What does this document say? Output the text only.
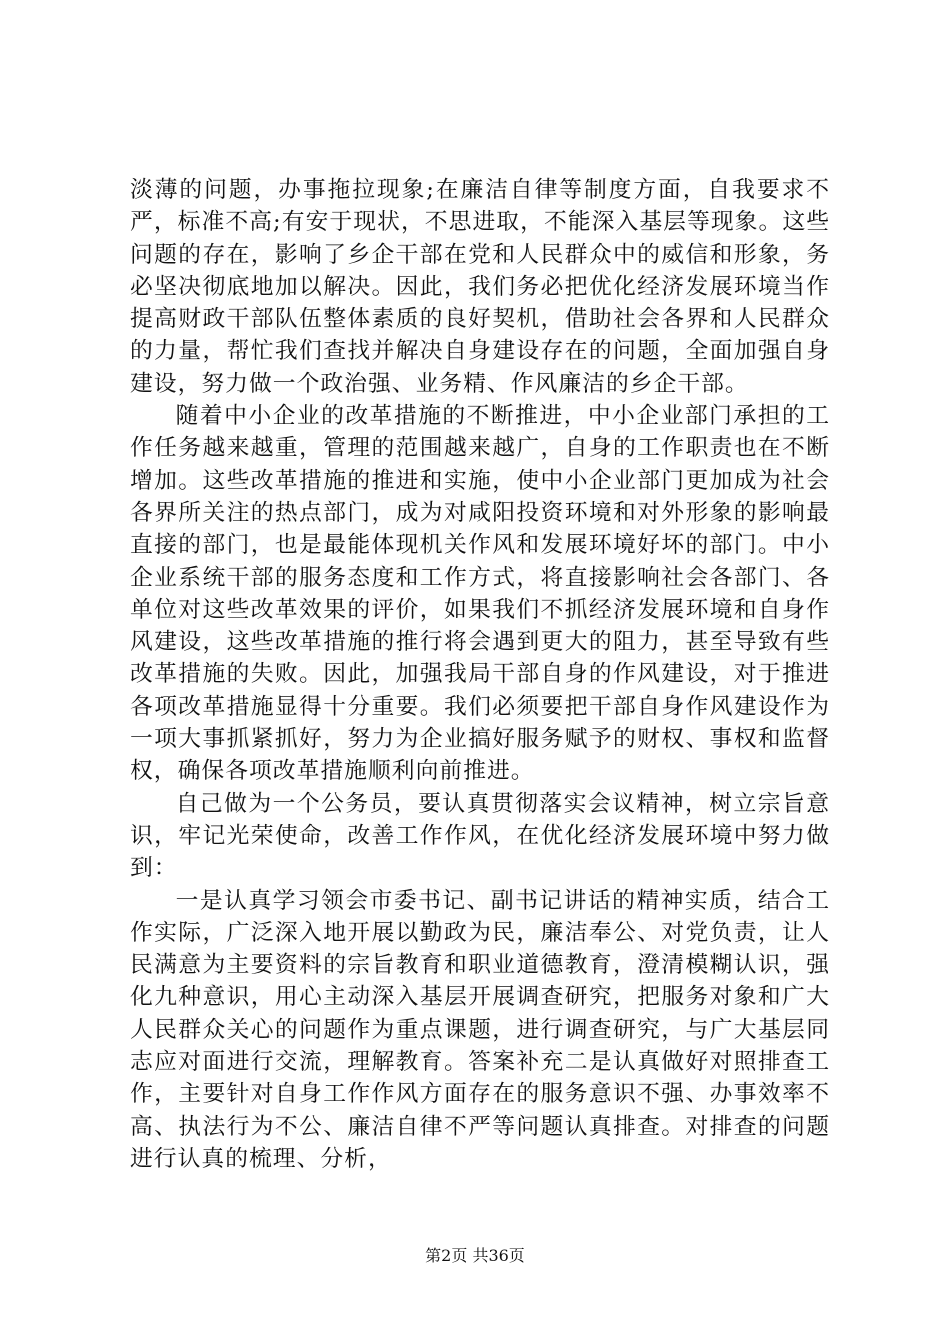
淡薄的问题，办事拖拉现象;在廉洁自律等制度方面，自我要求不严，标准不高;有安于现状，不思进取，不能深入基层等现象。这些问题的存在，影响了乡企干部在党和人民群众中的威信和形象，务必坚决彻底地加以解决。因此，我们务必把优化经济发展环境当作提高财政干部队伍整体素质的良好契机，借助社会各界和人民群众的力量，帮忙我们查找并解决自身建设存在的问题，全面加强自身建设，努力做一个政治强、业务精、作风廉洁的乡企干部。

随着中小企业的改革措施的不断推进，中小企业部门承担的工作任务越来越重，管理的范围越来越广，自身的工作职责也在不断增加。这些改革措施的推进和实施，使中小企业部门更加成为社会各界所关注的热点部门，成为对咸阳投资环境和对外形象的影响最直接的部门，也是最能体现机关作风和发展环境好坏的部门。中小企业系统干部的服务态度和工作方式，将直接影响社会各部门、各单位对这些改革效果的评价，如果我们不抓经济发展环境和自身作风建设，这些改革措施的推行将会遇到更大的阻力，甚至导致有些改革措施的失败。因此，加强我局干部自身的作风建设，对于推进各项改革措施显得十分重要。我们必须要把干部自身作风建设作为一项大事抓紧抓好，努力为企业搞好服务赋予的财权、事权和监督权，确保各项改革措施顺利向前推进。

自己做为一个公务员，要认真贯彻落实会议精神，树立宗旨意识，牢记光荣使命，改善工作作风，在优化经济发展环境中努力做到：

一是认真学习领会市委书记、副书记讲话的精神实质，结合工作实际，广泛深入地开展以勤政为民，廉洁奉公、对党负责，让人民满意为主要资料的宗旨教育和职业道德教育，澄清模糊认识，强化九种意识，用心主动深入基层开展调查研究，把服务对象和广大人民群众关心的问题作为重点课题，进行调查研究，与广大基层同志应对面进行交流，理解教育。答案补充二是认真做好对照排查工作，主要针对自身工作作风方面存在的服务意识不强、办事效率不高、执法行为不公、廉洁自律不严等问题认真排查。对排查的问题进行认真的梳理、分析，

第2页 共36页
